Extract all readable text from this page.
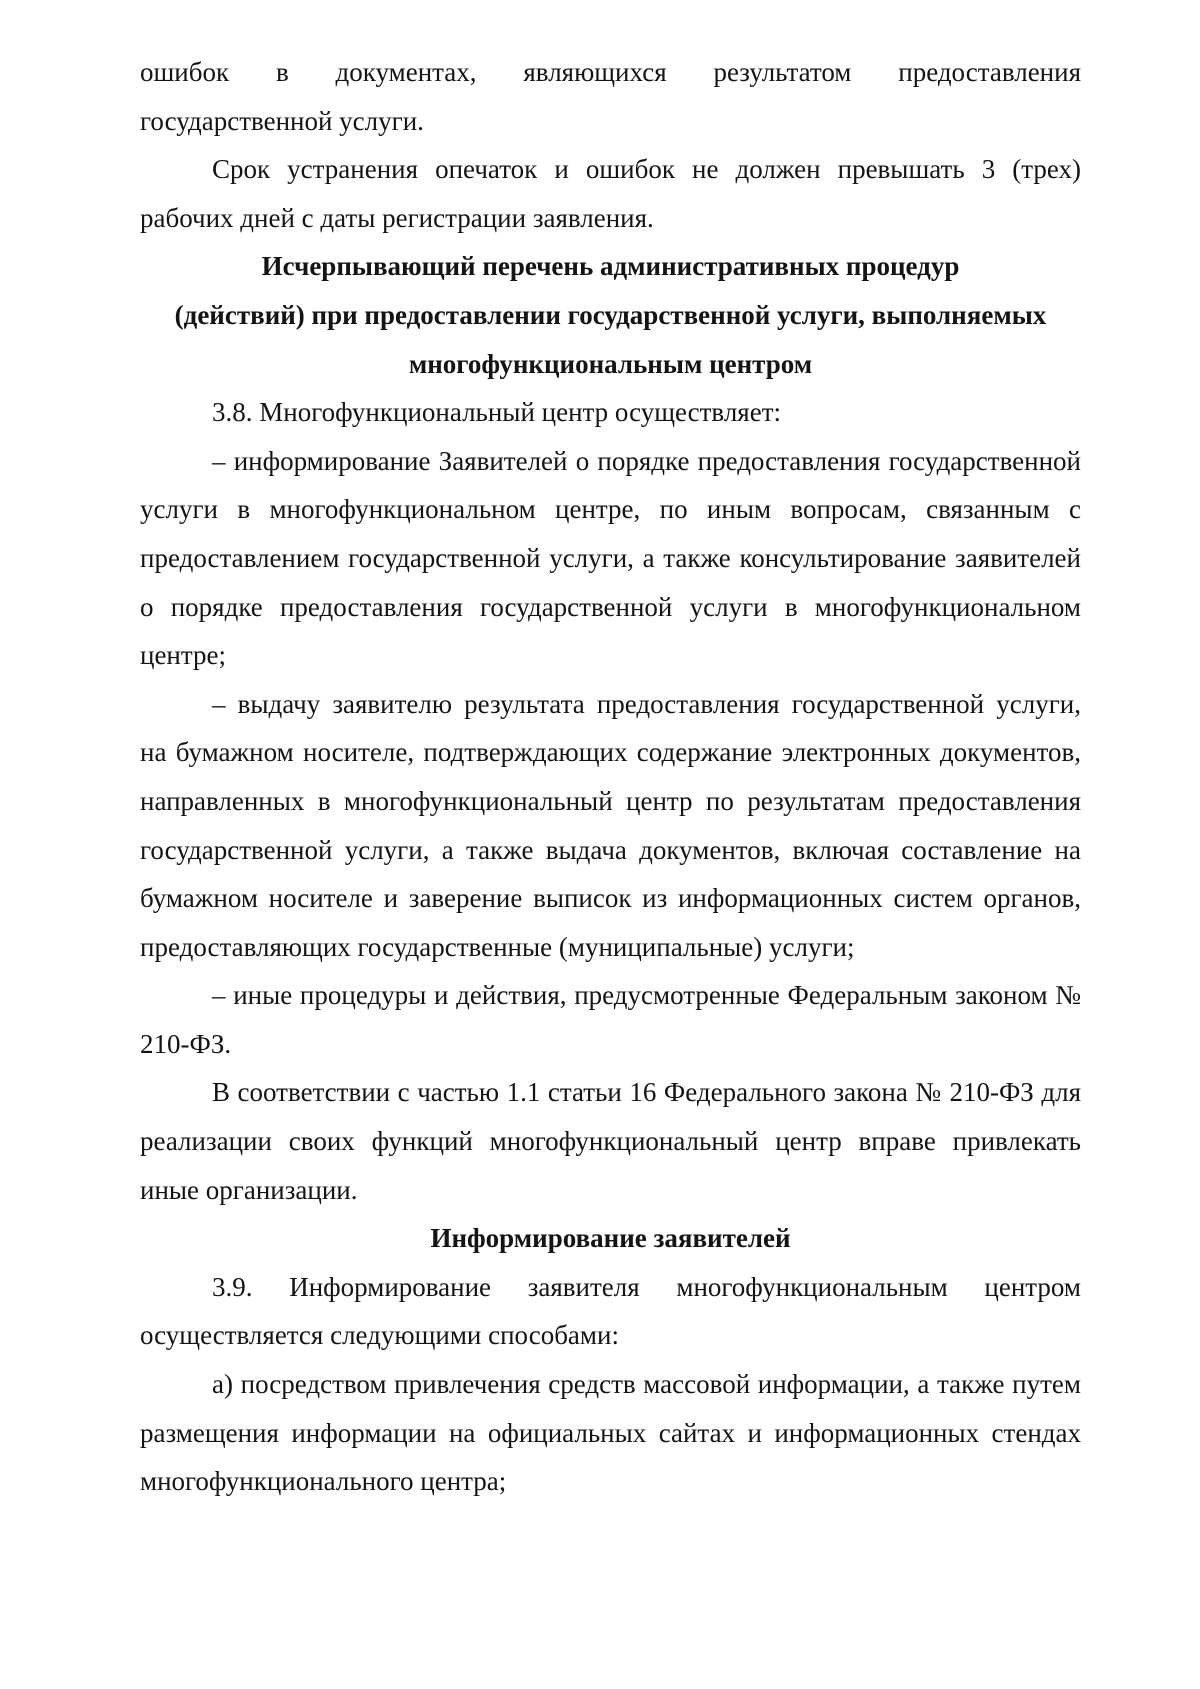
ошибок в документах, являющихся результатом предоставления

государственной услуги.

Срок устранения опечаток и ошибок не должен превышать 3 (трех) рабочих дней с даты регистрации заявления.

Исчерпывающий перечень административных процедур
(действий) при предоставлении государственной услуги, выполняемых
многофункциональным центром

3.8. Многофункциональный центр осуществляет:

– информирование Заявителей о порядке предоставления государственной услуги в многофункциональном центре, по иным вопросам, связанным с предоставлением государственной услуги, а также консультирование заявителей о порядке предоставления государственной услуги в многофункциональном центре;

– выдачу заявителю результата предоставления государственной услуги, на бумажном носителе, подтверждающих содержание электронных документов, направленных в многофункциональный центр по результатам предоставления государственной услуги, а также выдача документов, включая составление на бумажном носителе и заверение выписок из информационных систем органов, предоставляющих государственные (муниципальные) услуги;

– иные процедуры и действия, предусмотренные Федеральным законом № 210-ФЗ.

В соответствии с частью 1.1 статьи 16 Федерального закона № 210-ФЗ для реализации своих функций многофункциональный центр вправе привлекать иные организации.

Информирование заявителей

3.9. Информирование заявителя многофункциональным центром осуществляется следующими способами:

а) посредством привлечения средств массовой информации, а также путем размещения информации на официальных сайтах и информационных стендах многофункционального центра;
